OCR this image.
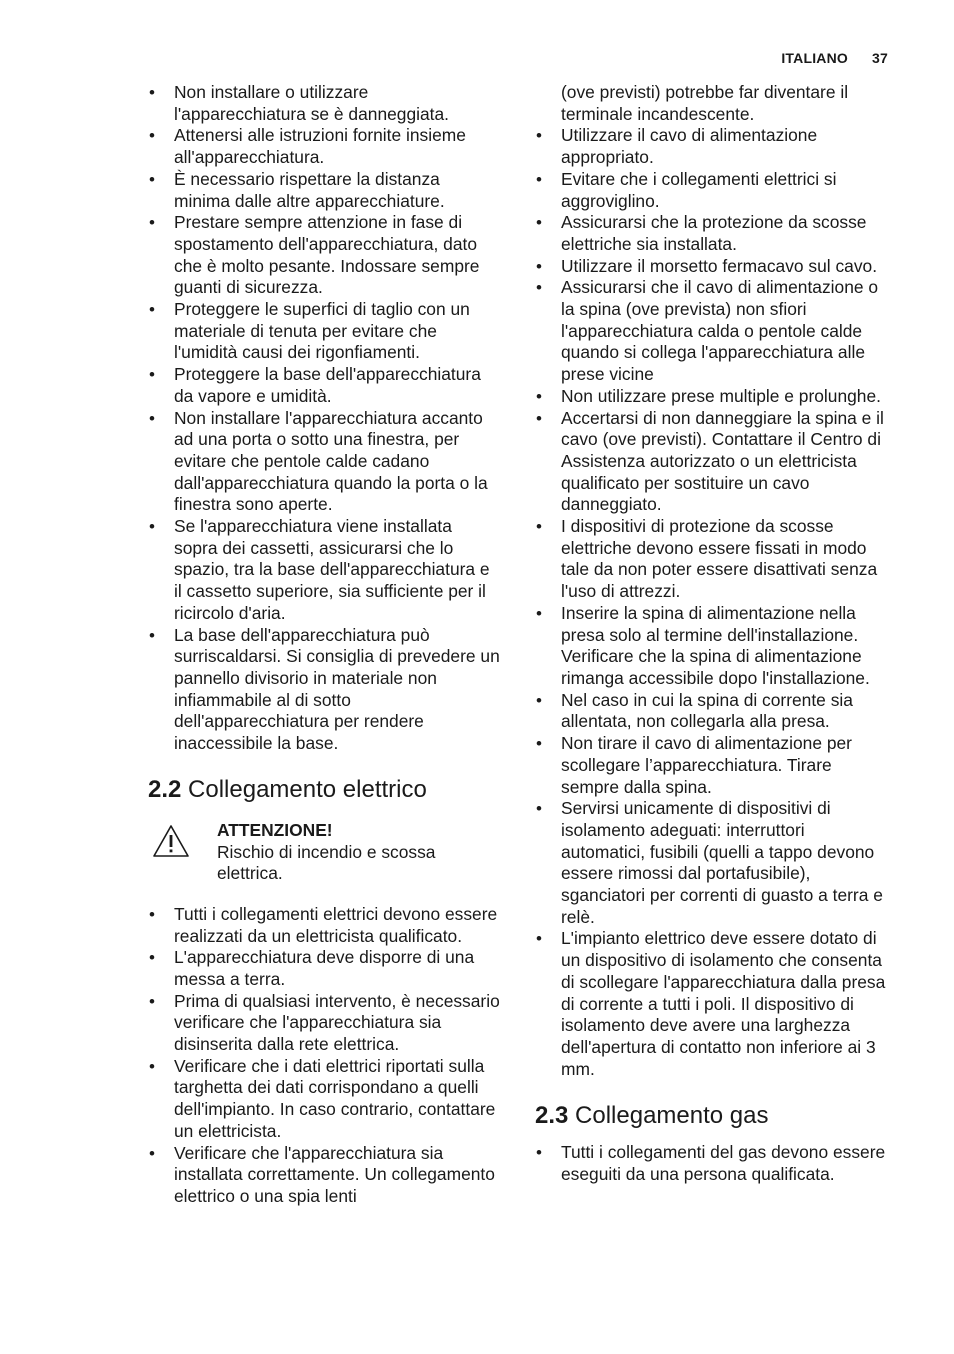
ITALIANO 37
• Non installare o utilizzare l'apparecchiatura se è danneggiata.
• Attenersi alle istruzioni fornite insieme all'apparecchiatura.
• È necessario rispettare la distanza minima dalle altre apparecchiature.
• Prestare sempre attenzione in fase di spostamento dell'apparecchiatura, dato che è molto pesante. Indossare sempre guanti di sicurezza.
• Proteggere le superfici di taglio con un materiale di tenuta per evitare che l'umidità causi dei rigonfiamenti.
• Proteggere la base dell'apparecchiatura da vapore e umidità.
• Non installare l'apparecchiatura accanto ad una porta o sotto una finestra, per evitare che pentole calde cadano dall'apparecchiatura quando la porta o la finestra sono aperte.
• Se l'apparecchiatura viene installata sopra dei cassetti, assicurarsi che lo spazio, tra la base dell'apparecchiatura e il cassetto superiore, sia sufficiente per il ricircolo d'aria.
• La base dell'apparecchiatura può surriscaldarsi. Si consiglia di prevedere un pannello divisorio in materiale non infiammabile al di sotto dell'apparecchiatura per rendere inaccessibile la base.
2.2 Collegamento elettrico
ATTENZIONE!
Rischio di incendio e scossa elettrica.
• Tutti i collegamenti elettrici devono essere realizzati da un elettricista qualificato.
• L'apparecchiatura deve disporre di una messa a terra.
• Prima di qualsiasi intervento, è necessario verificare che l'apparecchiatura sia disinserita dalla rete elettrica.
• Verificare che i dati elettrici riportati sulla targhetta dei dati corrispondano a quelli dell'impianto. In caso contrario, contattare un elettricista.
• Verificare che l'apparecchiatura sia installata correttamente. Un collegamento elettrico o una spia lenti
(ove previsti) potrebbe far diventare il terminale incandescente.
• Utilizzare il cavo di alimentazione appropriato.
• Evitare che i collegamenti elettrici si aggroviglino.
• Assicurarsi che la protezione da scosse elettriche sia installata.
• Utilizzare il morsetto fermacavo sul cavo.
• Assicurarsi che il cavo di alimentazione o la spina (ove prevista) non sfiori l'apparecchiatura calda o pentole calde quando si collega l'apparecchiatura alle prese vicine
• Non utilizzare prese multiple e prolunghe.
• Accertarsi di non danneggiare la spina e il cavo (ove previsti). Contattare il Centro di Assistenza autorizzato o un elettricista qualificato per sostituire un cavo danneggiato.
• I dispositivi di protezione da scosse elettriche devono essere fissati in modo tale da non poter essere disattivati senza l'uso di attrezzi.
• Inserire la spina di alimentazione nella presa solo al termine dell'installazione. Verificare che la spina di alimentazione rimanga accessibile dopo l'installazione.
• Nel caso in cui la spina di corrente sia allentata, non collegarla alla presa.
• Non tirare il cavo di alimentazione per scollegare l’apparecchiatura. Tirare sempre dalla spina.
• Servirsi unicamente di dispositivi di isolamento adeguati: interruttori automatici, fusibili (quelli a tappo devono essere rimossi dal portafusibile), sganciatori per correnti di guasto a terra e relè.
• L'impianto elettrico deve essere dotato di un dispositivo di isolamento che consenta di scollegare l'apparecchiatura dalla presa di corrente a tutti i poli. Il dispositivo di isolamento deve avere una larghezza dell'apertura di contatto non inferiore ai 3 mm.
2.3 Collegamento gas
• Tutti i collegamenti del gas devono essere eseguiti da una persona qualificata.
